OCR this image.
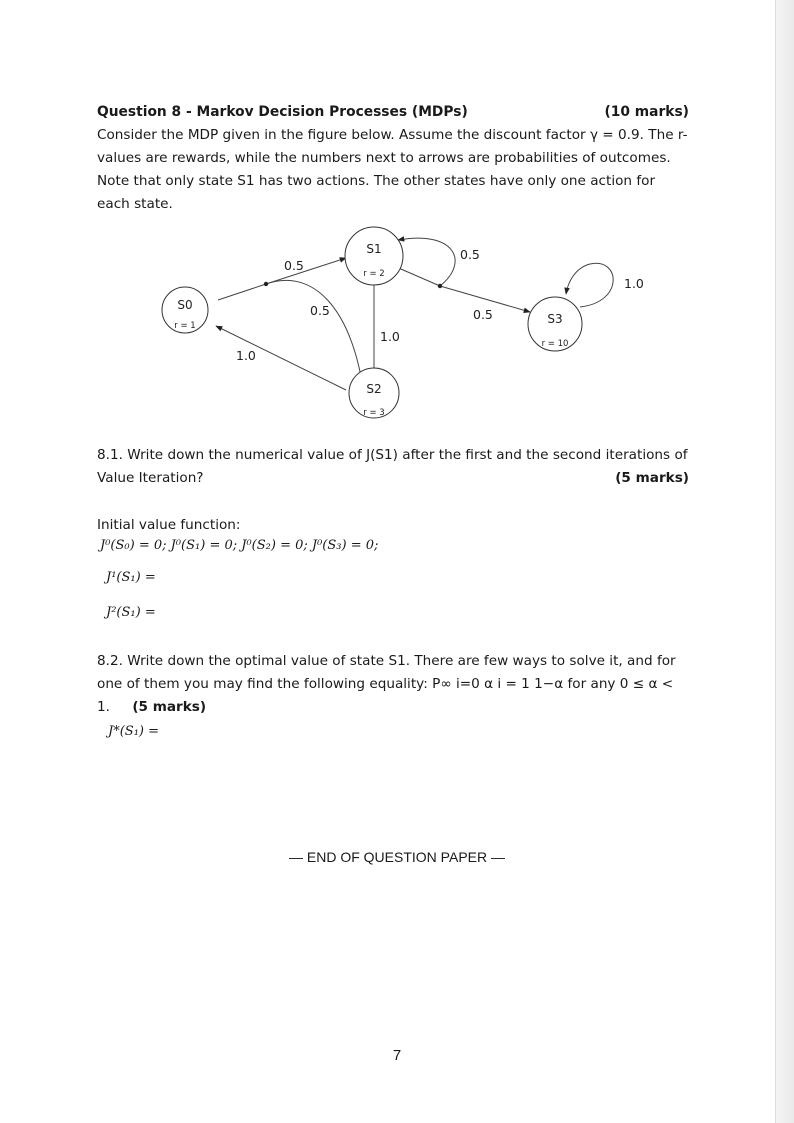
Question 8 - Markov Decision Processes (MDPs)	(10 marks)
Consider the MDP given in the figure below. Assume the discount factor γ = 0.9. The r-values are rewards, while the numbers next to arrows are probabilities of outcomes. Note that only state S1 has two actions. The other states have only one action for each state.
S0
r = 1
S1
r = 2
S2
r = 3
S3
r = 10
0.5
0.5
1.0
1.0
0.5
0.5
1.0
8.1. Write down the numerical value of J(S1) after the first and the second iterations of
Value Iteration?	(5 marks)
Initial value function:
J⁰(S₀) = 0; J⁰(S₁) = 0; J⁰(S₂) = 0; J⁰(S₃) = 0;
J¹(S₁) =
J²(S₁) =
8.2. Write down the optimal value of state S1. There are few ways to solve it, and for one of them you may find the following equality: P∞ i=0 α i = 1 1−α for any 0 ≤ α < 1. (5 marks)
J*(S₁) =
— END OF QUESTION PAPER —
7
